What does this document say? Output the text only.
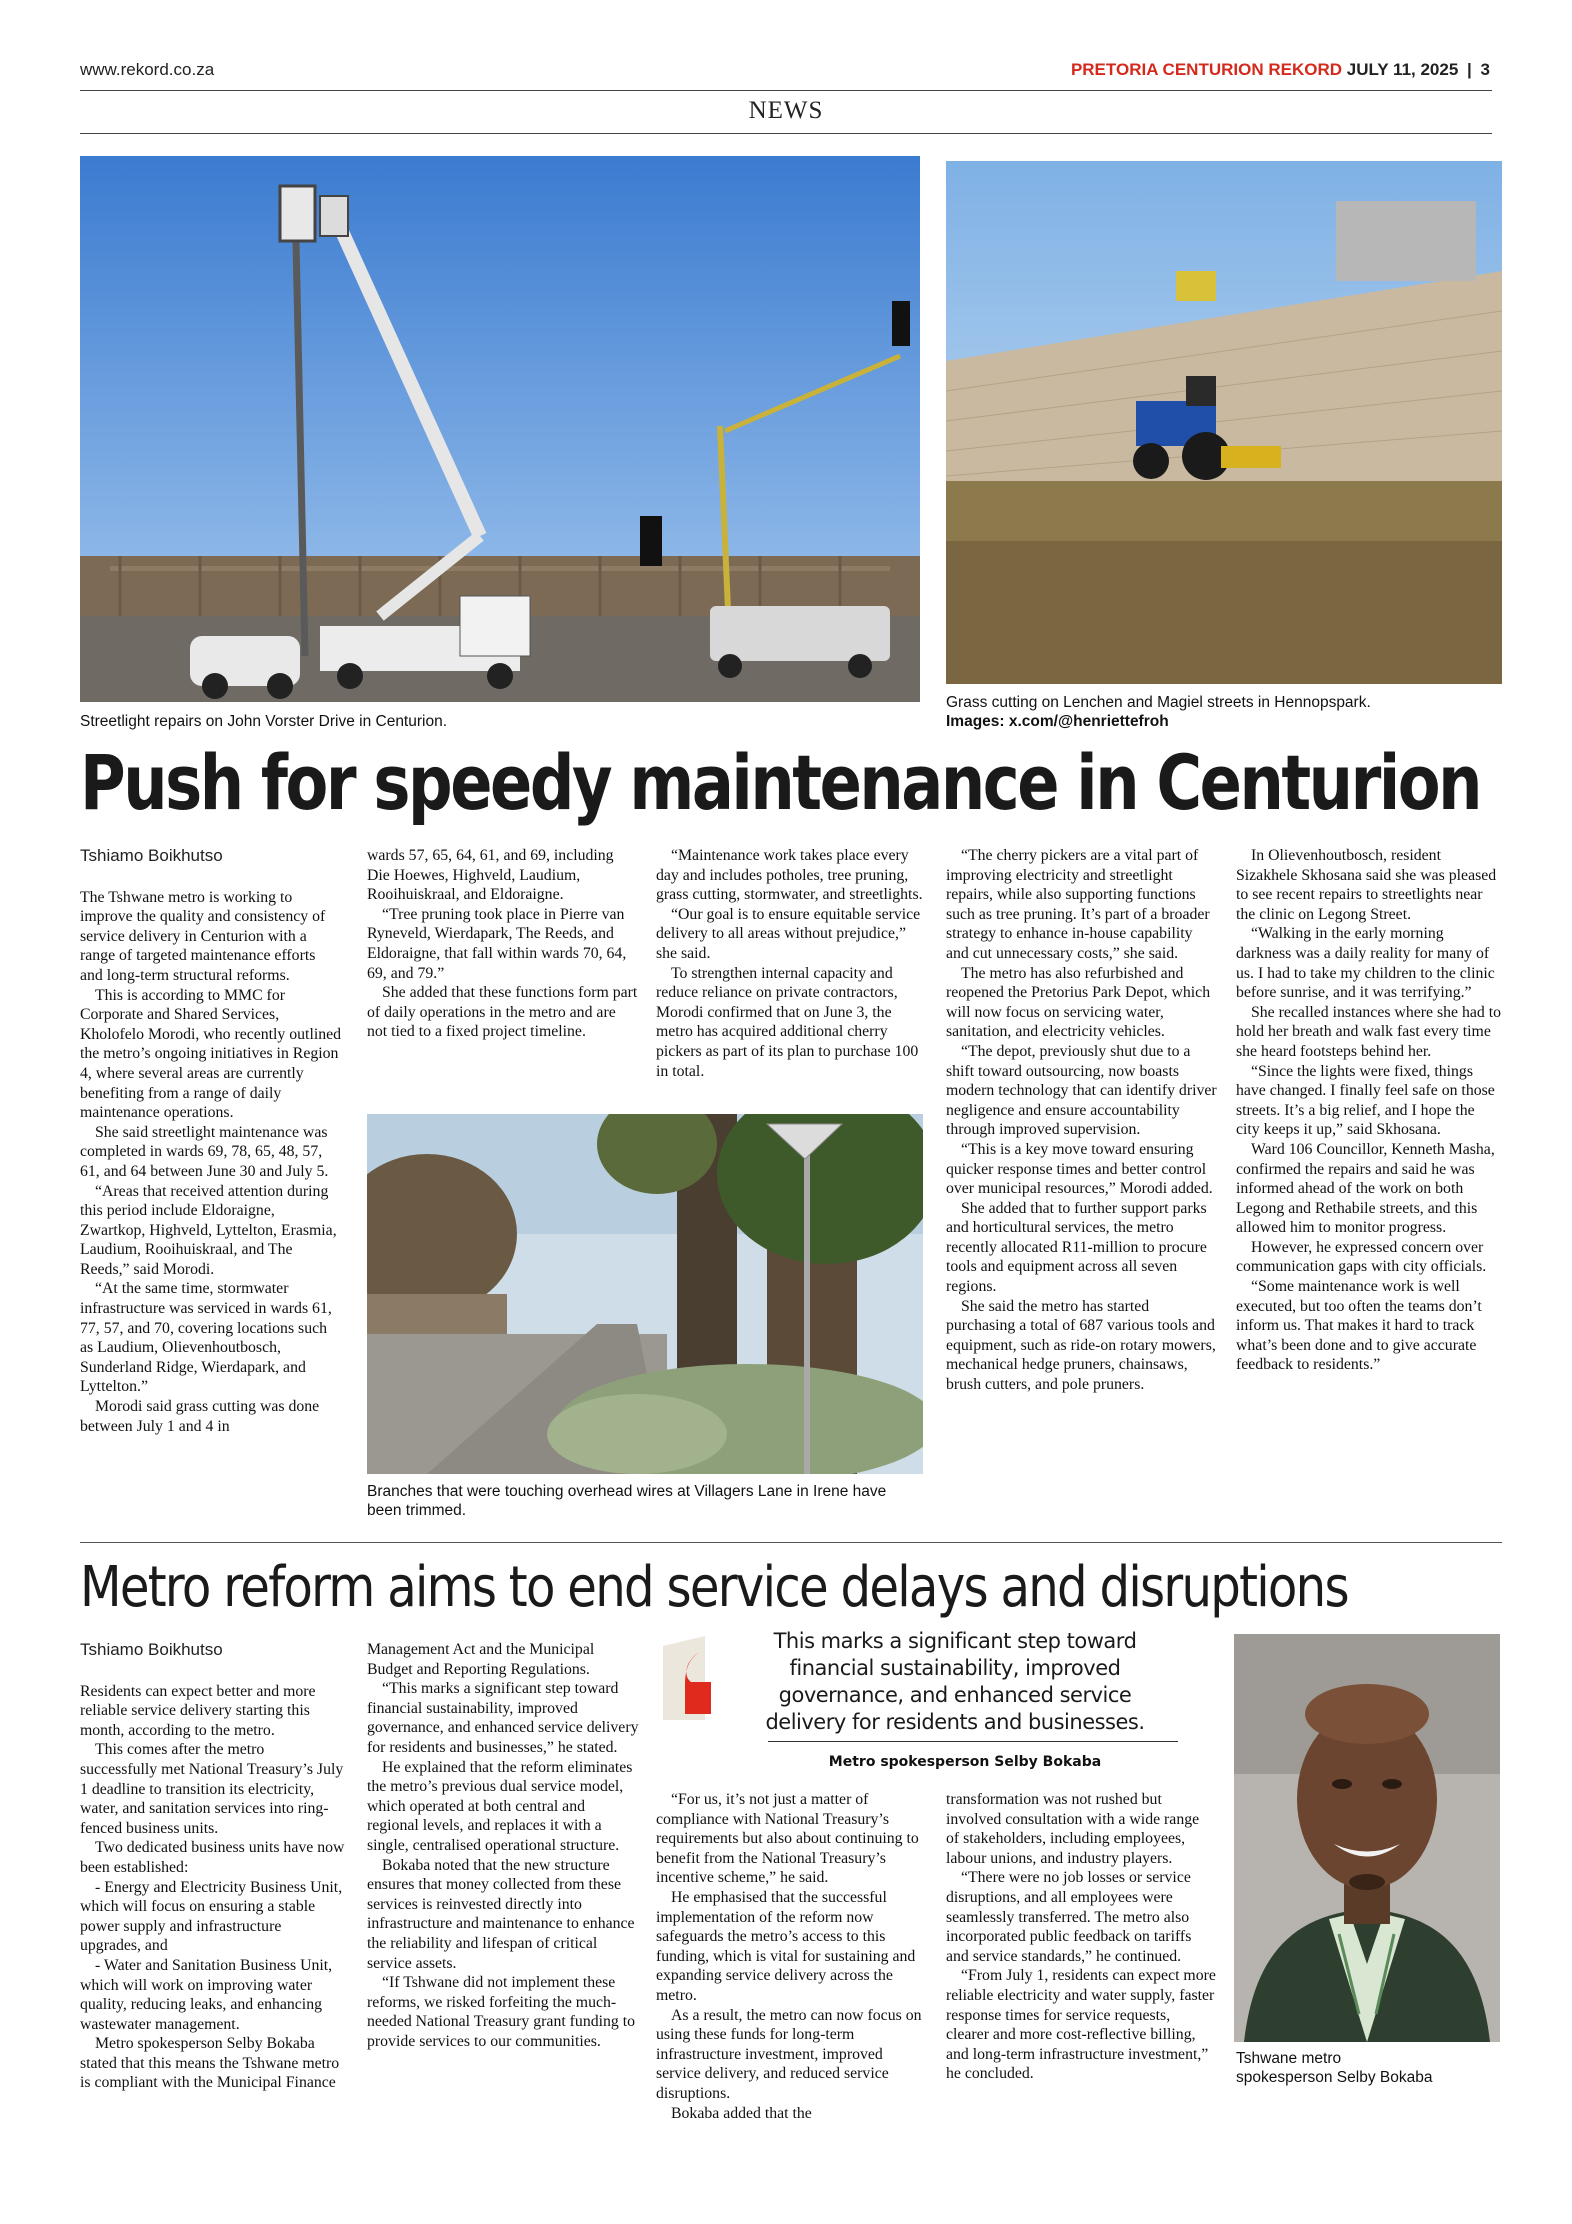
www.rekord.co.za	PRETORIA CENTURION REKORD JULY 11, 2025 | 3
NEWS
Streetlight repairs on John Vorster Drive in Centurion.
Grass cutting on Lenchen and Magiel streets in Hennopspark.
Images: x.com/@henriettefroh
Push for speedy maintenance in Centurion
Tshiamo Boikhutso

The Tshwane metro is working to improve the quality and consistency of service delivery in Centurion with a range of targeted maintenance efforts and long-term structural reforms.

This is according to MMC for Corporate and Shared Services, Kholofelo Morodi, who recently outlined the metro’s ongoing initiatives in Region 4, where several areas are currently benefiting from a range of daily maintenance operations.

She said streetlight maintenance was completed in wards 69, 78, 65, 48, 57, 61, and 64 between June 30 and July 5.

“Areas that received attention during this period include Eldoraigne, Zwartkop, Highveld, Lyttelton, Erasmia, Laudium, Rooihuiskraal, and The Reeds,” said Morodi.

“At the same time, stormwater infrastructure was serviced in wards 61, 77, 57, and 70, covering locations such as Laudium, Olievenhoutbosch, Sunderland Ridge, Wierdapark, and Lyttelton.”

Morodi said grass cutting was done between July 1 and 4 in

wards 57, 65, 64, 61, and 69, including Die Hoewes, Highveld, Laudium, Rooihuiskraal, and Eldoraigne.

“Tree pruning took place in Pierre van Ryneveld, Wierdapark, The Reeds, and Eldoraigne, that fall within wards 70, 64, 69, and 79.”

She added that these functions form part of daily operations in the metro and are not tied to a fixed project timeline.

“Maintenance work takes place every day and includes potholes, tree pruning, grass cutting, stormwater, and streetlights.

“Our goal is to ensure equitable service delivery to all areas without prejudice,” she said.

To strengthen internal capacity and reduce reliance on private contractors, Morodi confirmed that on June 3, the metro has acquired additional cherry pickers as part of its plan to purchase 100 in total.

Branches that were touching overhead wires at Villagers Lane in Irene have been trimmed.

“The cherry pickers are a vital part of improving electricity and streetlight repairs, while also supporting functions such as tree pruning. It’s part of a broader strategy to enhance in-house capability and cut unnecessary costs,” she said.

The metro has also refurbished and reopened the Pretorius Park Depot, which will now focus on servicing water, sanitation, and electricity vehicles.

“The depot, previously shut due to a shift toward outsourcing, now boasts modern technology that can identify driver negligence and ensure accountability through improved supervision.

“This is a key move toward ensuring quicker response times and better control over municipal resources,” Morodi added.

She added that to further support parks and horticultural services, the metro recently allocated R11-million to procure tools and equipment across all seven regions.

She said the metro has started purchasing a total of 687 various tools and equipment, such as ride-on rotary mowers, mechanical hedge pruners, chainsaws, brush cutters, and pole pruners.

In Olievenhoutbosch, resident Sizakhele Skhosana said she was pleased to see recent repairs to streetlights near the clinic on Legong Street.

“Walking in the early morning darkness was a daily reality for many of us. I had to take my children to the clinic before sunrise, and it was terrifying.”

She recalled instances where she had to hold her breath and walk fast every time she heard footsteps behind her.

“Since the lights were fixed, things have changed. I finally feel safe on those streets. It’s a big relief, and I hope the city keeps it up,” said Skhosana.

Ward 106 Councillor, Kenneth Masha, confirmed the repairs and said he was informed ahead of the work on both Legong and Rethabile streets, and this allowed him to monitor progress.

However, he expressed concern over communication gaps with city officials.

“Some maintenance work is well executed, but too often the teams don’t inform us. That makes it hard to track what’s been done and to give accurate feedback to residents.”

Metro reform aims to end service delays and disruptions
Tshiamo Boikhutso

Residents can expect better and more reliable service delivery starting this month, according to the metro.

This comes after the metro successfully met National Treasury’s July 1 deadline to transition its electricity, water, and sanitation services into ring-fenced business units.

Two dedicated business units have now been established:

- Energy and Electricity Business Unit, which will focus on ensuring a stable power supply and infrastructure upgrades, and

- Water and Sanitation Business Unit, which will work on improving water quality, reducing leaks, and enhancing wastewater management.

Metro spokesperson Selby Bokaba stated that this means the Tshwane metro is compliant with the Municipal Finance

Management Act and the Municipal Budget and Reporting Regulations.

“This marks a significant step toward financial sustainability, improved governance, and enhanced service delivery for residents and businesses,” he stated.

He explained that the reform eliminates the metro’s previous dual service model, which operated at both central and regional levels, and replaces it with a single, centralised operational structure.

Bokaba noted that the new structure ensures that money collected from these services is reinvested directly into infrastructure and maintenance to enhance the reliability and lifespan of critical service assets.

“If Tshwane did not implement these reforms, we risked forfeiting the much-needed National Treasury grant funding to provide services to our communities.

This marks a significant step toward financial sustainability, improved governance, and enhanced service delivery for residents and businesses.
Metro spokesperson Selby Bokaba

“For us, it’s not just a matter of compliance with National Treasury’s requirements but also about continuing to benefit from the National Treasury’s incentive scheme,” he said.

He emphasised that the successful implementation of the reform now safeguards the metro’s access to this funding, which is vital for sustaining and expanding service delivery across the metro.

As a result, the metro can now focus on using these funds for long-term infrastructure investment, improved service delivery, and reduced service disruptions.

Bokaba added that the

transformation was not rushed but involved consultation with a wide range of stakeholders, including employees, labour unions, and industry players.

“There were no job losses or service disruptions, and all employees were seamlessly transferred. The metro also incorporated public feedback on tariffs and service standards,” he continued.

“From July 1, residents can expect more reliable electricity and water supply, faster response times for service requests, clearer and more cost-reflective billing, and long-term infrastructure investment,” he concluded.

Tshwane metro spokesperson Selby Bokaba
